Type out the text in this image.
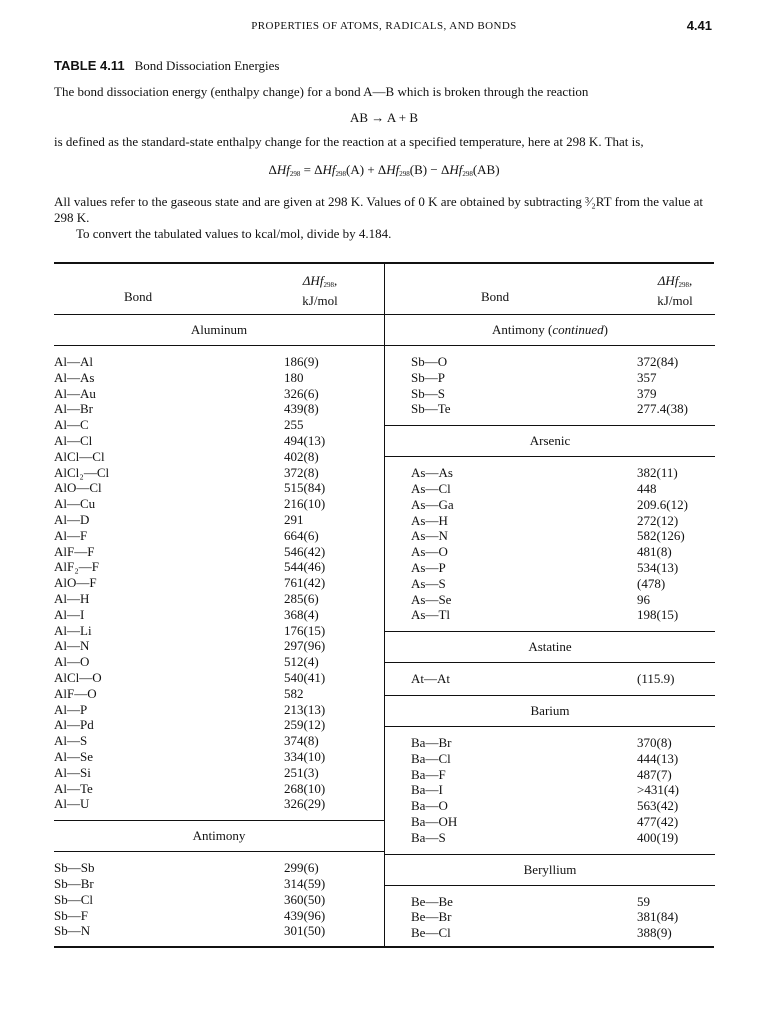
PROPERTIES OF ATOMS, RADICALS, AND BONDS	4.41

TABLE 4.11 Bond Dissociation Energies

The bond dissociation energy (enthalpy change) for a bond A—B which is broken through the reaction

AB → A + B

is defined as the standard-state enthalpy change for the reaction at a specified temperature, here at 298 K. That is,

ΔHf$_{298}$ = ΔHf$_{298}$(A) + ΔHf$_{298}$(B) − ΔHf$_{298}$(AB)

All values refer to the gaseous state and are given at 298 K. Values of 0 K are obtained by subtracting ³⁄₂RT from the value at 298 K.

To convert the tabulated values to kcal/mol, divide by 4.184.

Bond
ΔHf$_{298}$,
kJ/mol
Aluminum
Al—Al	186(9)
Al—As	180
Al—Au	326(6)
Al—Br	439(8)
Al—C	255
Al—Cl	494(13)
AlCl—Cl	402(8)
AlCl₂—Cl	372(8)
AlO—Cl	515(84)
Al—Cu	216(10)
Al—D	291
Al—F	664(6)
AlF—F	546(42)
AlF₂—F	544(46)
AlO—F	761(42)
Al—H	285(6)
Al—I	368(4)
Al—Li	176(15)
Al—N	297(96)
Al—O	512(4)
AlCl—O	540(41)
AlF—O	582
Al—P	213(13)
Al—Pd	259(12)
Al—S	374(8)
Al—Se	334(10)
Al—Si	251(3)
Al—Te	268(10)
Al—U	326(29)
Antimony
Sb—Sb	299(6)
Sb—Br	314(59)
Sb—Cl	360(50)
Sb—F	439(96)
Sb—N	301(50)
Bond
ΔHf$_{298}$,
kJ/mol
Antimony (continued)
Sb—O	372(84)
Sb—P	357
Sb—S	379
Sb—Te	277.4(38)
Arsenic
As—As	382(11)
As—Cl	448
As—Ga	209.6(12)
As—H	272(12)
As—N	582(126)
As—O	481(8)
As—P	534(13)
As—S	(478)
As—Se	96
As—Tl	198(15)
Astatine
At—At	(115.9)
Barium
Ba—Br	370(8)
Ba—Cl	444(13)
Ba—F	487(7)
Ba—I	>431(4)
Ba—O	563(42)
Ba—OH	477(42)
Ba—S	400(19)
Beryllium
Be—Be	59
Be—Br	381(84)
Be—Cl	388(9)
